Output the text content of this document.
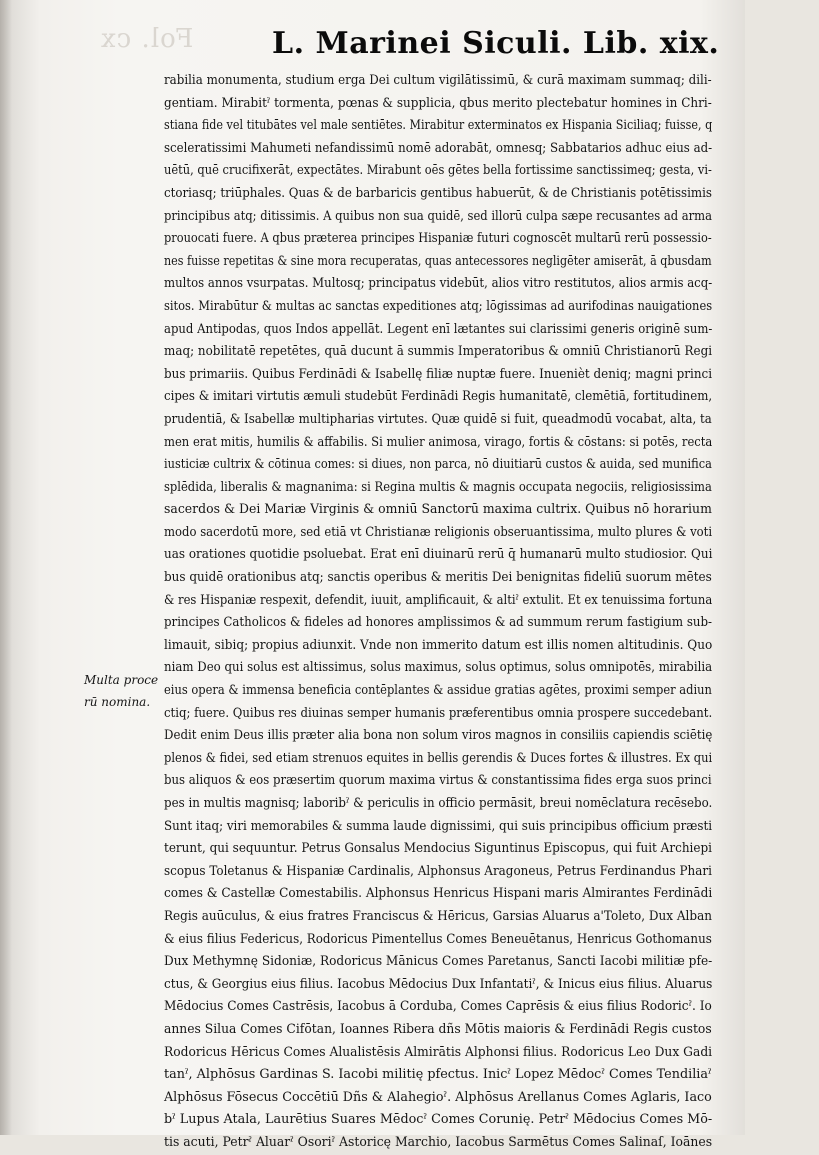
Fol. cx	L. Marinei Siculi. Lib. xix.
Multa proce
rū nomina.
rabilia monumenta, studium erga Dei cultum vigilātissimū, & curā maximam summaq; dili-
gentiam. Mirabitˀ tormenta, pœnas & supplicia, qbus merito plectebatur homines in Chri-
stiana fide vel titubātes vel male sentiētes. Mirabitur exterminatos ex Hispania Siciliaq; fuisse, q
sceleratissimi Mahumeti nefandissimū nomē adorabāt, omnesq; Sabbatarios adhuc eius ad-
uētū, quē crucifixerāt, expectātes. Mirabunt oēs gētes bella fortissime sanctissimeq; gesta, vi-
ctoriasq; triūphales. Quas & de barbaricis gentibus habuerūt, & de Christianis potētissimis
principibus atq; ditissimis. A quibus non sua quidē, sed illorū culpa sæpe recusantes ad arma
prouocati fuere. A qbus præterea principes Hispaniæ futuri cognoscēt multarū rerū possessio-
nes fuisse repetitas & sine mora recuperatas, quas antecessores negligēter amiserāt, ā qbusdam
multos annos vsurpatas. Multosq; principatus videbūt, alios vitro restitutos, alios armis acq-
sitos. Mirabūtur & multas ac sanctas expeditiones atq; lōgissimas ad aurifodinas nauigationes
apud Antipodas, quos Indos appellāt. Legent enī lætantes sui clarissimi generis originē sum-
maq; nobilitatē repetētes, quā ducunt ā summis Imperatoribus & omniū Christianorū Regi
bus primariis. Quibus Ferdinādi & Isabellę filiæ nuptæ fuere. Inuenièt deniq; magni princi
cipes & imitari virtutis æmuli studebūt Ferdinādi Regis humanitatē, clemētiā, fortitudinem,
prudentiā, & Isabellæ multipharias virtutes. Quæ quidē si fuit, queadmodū vocabat, alta, ta
men erat mitis, humilis & affabilis. Si mulier animosa, virago, fortis & cōstans: si potēs, recta
iusticiæ cultrix & cōtinua comes: si diues, non parca, nō diuitiarū custos & auida, sed munifica
splēdida, liberalis & magnanima: si Regina multis & magnis occupata negociis, religiosissima
sacerdos & Dei Mariæ Virginis & omniū Sanctorū maxima cultrix. Quibus nō horarium
modo sacerdotū more, sed etiā vt Christianæ religionis obseruantissima, multo plures & voti
uas orationes quotidie psoluebat. Erat enī diuinarū rerū q̄ humanarū multo studiosior. Qui
bus quidē orationibus atq; sanctis operibus & meritis Dei benignitas fideliū suorum mētes
& res Hispaniæ respexit, defendit, iuuit, amplificauit, & altiˀ extulit. Et ex tenuissima fortuna
principes Catholicos & fideles ad honores amplissimos & ad summum rerum fastigium sub-
limauit, sibiq; propius adiunxit. Vnde non immerito datum est illis nomen altitudinis. Quo
niam Deo qui solus est altissimus, solus maximus, solus optimus, solus omnipotēs, mirabilia
eius opera & immensa beneficia contēplantes & assidue gratias agētes, proximi semper adiun
ctiq; fuere. Quibus res diuinas semper humanis præferentibus omnia prospere succedebant.
Dedit enim Deus illis præter alia bona non solum viros magnos in consiliis capiendis sciētię
plenos & fidei, sed etiam strenuos equites in bellis gerendis & Duces fortes & illustres. Ex qui
bus aliquos & eos præsertim quorum maxima virtus & constantissima fides erga suos princi
pes in multis magnisq; laboribˀ & periculis in officio permāsit, breui nomēclatura recēsebo.
Sunt itaq; viri memorabiles & summa laude dignissimi, qui suis principibus officium præsti
terunt, qui sequuntur. Petrus Gonsalus Mendocius Siguntinus Episcopus, qui fuit Archiepi
scopus Toletanus & Hispaniæ Cardinalis, Alphonsus Aragoneus, Petrus Ferdinandus Phari
comes & Castellæ Comestabilis. Alphonsus Henricus Hispani maris Almirantes Ferdinādi
Regis auūculus, & eius fratres Franciscus & Hēricus, Garsias Aluarus a'Toleto, Dux Alban
& eius filius Federicus, Rodoricus Pimentellus Comes Beneuētanus, Henricus Gothomanus
Dux Methymnę Sidoniæ, Rodoricus Mānicus Comes Paretanus, Sancti Iacobi militiæ pfe-
ctus, & Georgius eius filius. Iacobus Mēdocius Dux Infantatiˀ, & Inicus eius filius. Aluarus
Mēdocius Comes Castrēsis, Iacobus ā Corduba, Comes Caprēsis & eius filius Rodoricˀ. Io
annes Silua Comes Cifōtan, Ioannes Ribera dñs Mōtis maioris & Ferdinādi Regis custos
Rodoricus Hēricus Comes Alualistēsis Almirātis Alphonsi filius. Rodoricus Leo Dux Gadi
tanˀ, Alphōsus Gardinas S. Iacobi militię pfectus. Inicˀ Lopez Mēdocˀ Comes Tendiliaˀ
Alphōsus Fōsecus Coccētiū Dñs & Alahegioˀ. Alphōsus Arellanus Comes Aglaris, Iaco
bˀ Lupus Atala, Laurētius Suares Mēdocˀ Comes Corunię. Petrˀ Mēdocius Comes Mō-
tis acuti, Petrˀ Aluarˀ Osoriˀ Astoricę Marchio, Iacobus Sarmētus Comes Salinaſ, Ioānes
